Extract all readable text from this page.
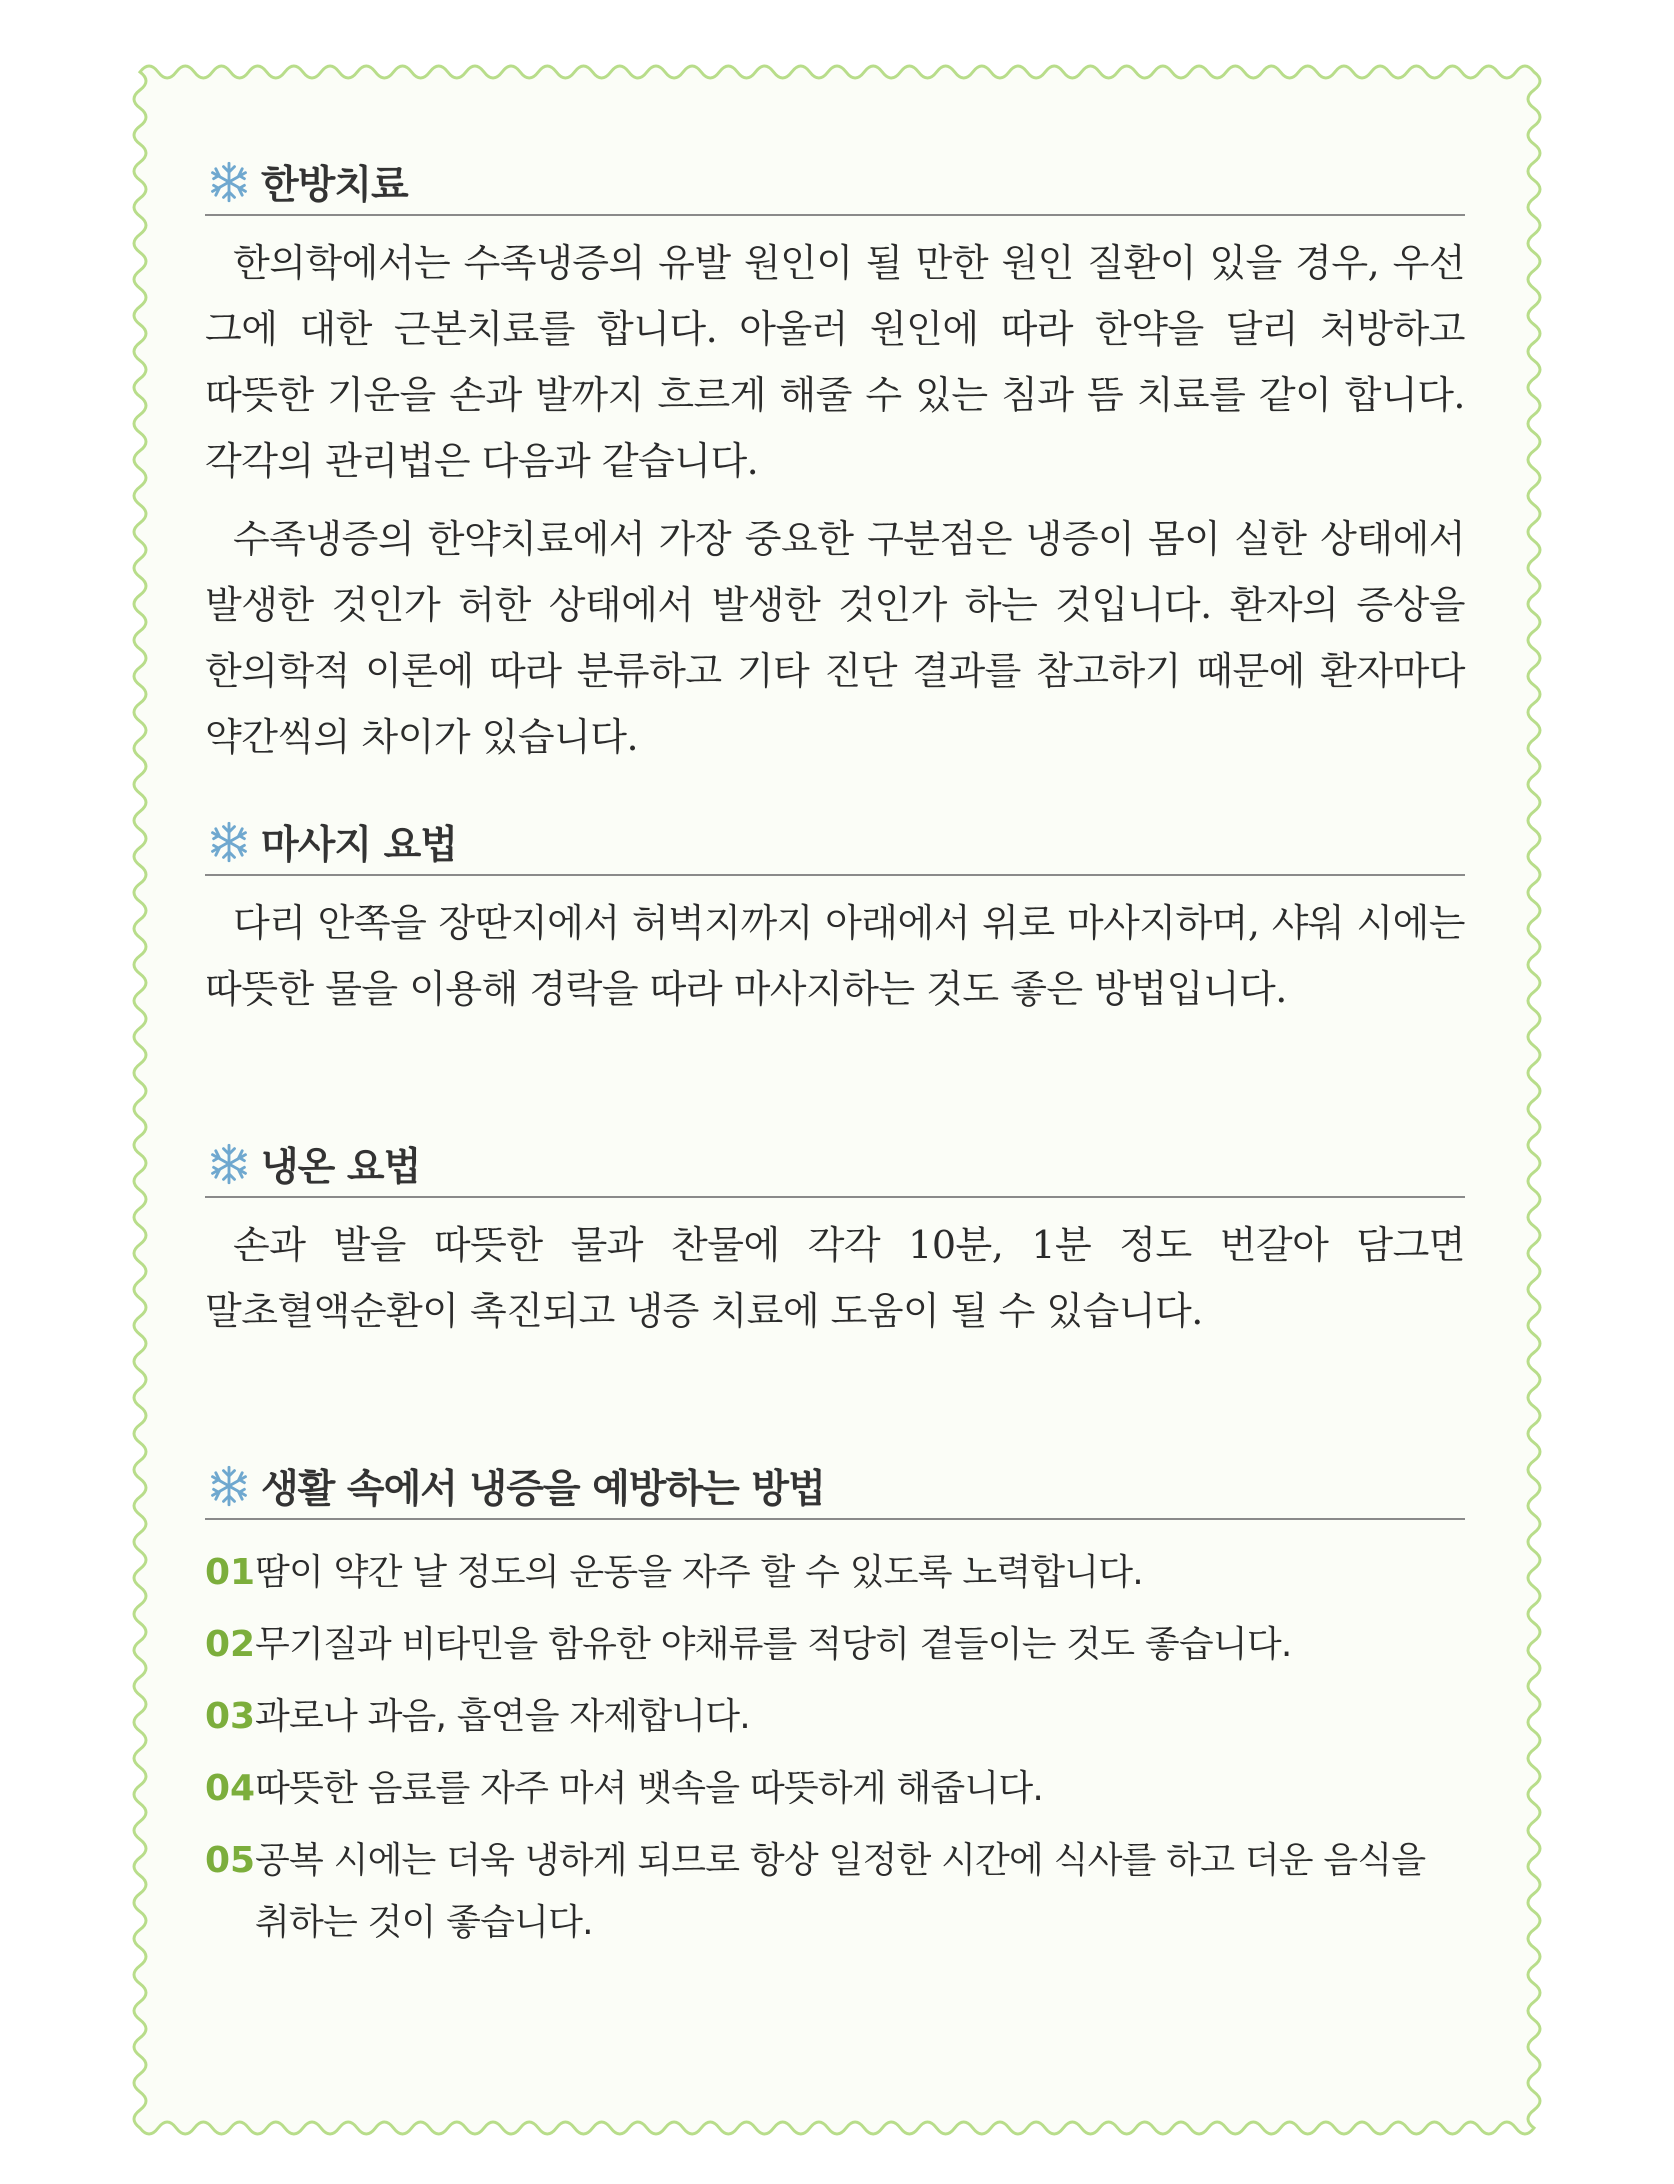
한방치료

한의학에서는 수족냉증의 유발 원인이 될 만한 원인 질환이 있을 경우, 우선 그에 대한 근본치료를 합니다. 아울러 원인에 따라 한약을 달리 처방하고 따뜻한 기운을 손과 발까지 흐르게 해줄 수 있는 침과 뜸 치료를 같이 합니다. 각각의 관리법은 다음과 같습니다.

수족냉증의 한약치료에서 가장 중요한 구분점은 냉증이 몸이 실한 상태에서 발생한 것인가 허한 상태에서 발생한 것인가 하는 것입니다. 환자의 증상을 한의학적 이론에 따라 분류하고 기타 진단 결과를 참고하기 때문에 환자마다 약간씩의 차이가 있습니다.

마사지 요법

다리 안쪽을 장딴지에서 허벅지까지 아래에서 위로 마사지하며, 샤워 시에는 따뜻한 물을 이용해 경락을 따라 마사지하는 것도 좋은 방법입니다.

냉온 요법

손과 발을 따뜻한 물과 찬물에 각각 10분, 1분 정도 번갈아 담그면 말초혈액순환이 촉진되고 냉증 치료에 도움이 될 수 있습니다.

생활 속에서 냉증을 예방하는 방법
01 땀이 약간 날 정도의 운동을 자주 할 수 있도록 노력합니다.
02 무기질과 비타민을 함유한 야채류를 적당히 곁들이는 것도 좋습니다.
03 과로나 과음, 흡연을 자제합니다.
04 따뜻한 음료를 자주 마셔 뱃속을 따뜻하게 해줍니다.
05 공복 시에는 더욱 냉하게 되므로 항상 일정한 시간에 식사를 하고 더운 음식을 취하는 것이 좋습니다.
